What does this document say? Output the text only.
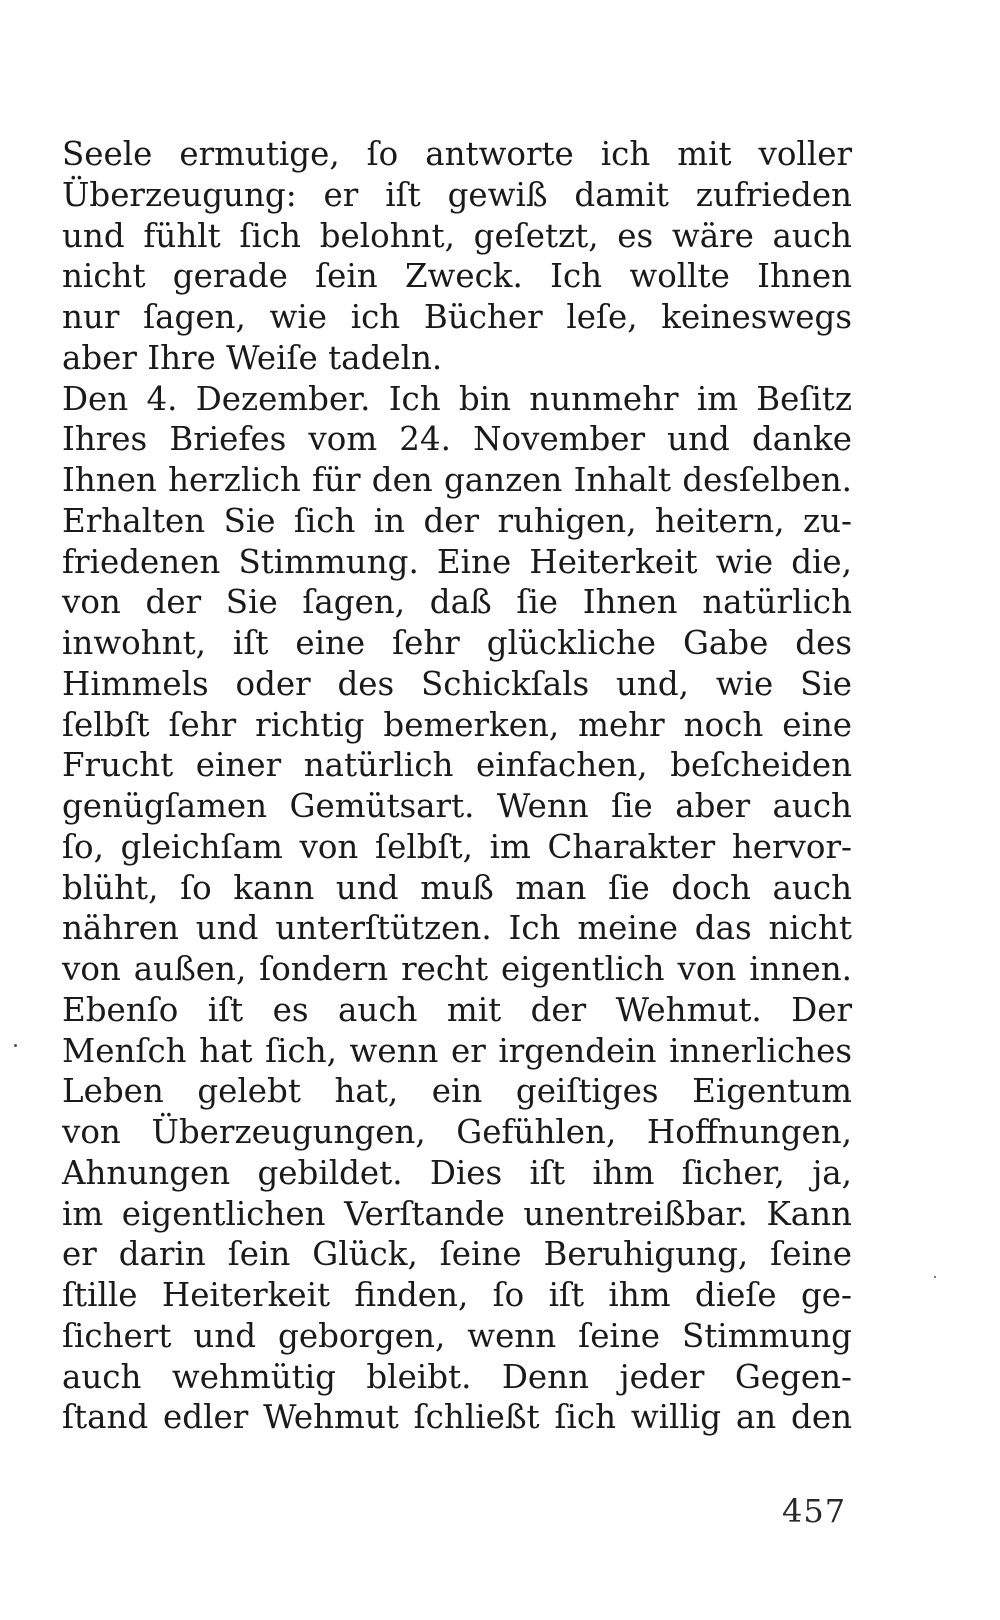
Seele ermutige, ſo antworte ich mit voller
Überzeugung: er iſt gewiß damit zufrieden
und fühlt ſich belohnt, geſetzt, es wäre auch
nicht gerade ſein Zweck. Ich wollte Ihnen
nur ſagen, wie ich Bücher leſe, keineswegs
aber Ihre Weiſe tadeln.
Den 4. Dezember. Ich bin nunmehr im Beſitz
Ihres Briefes vom 24. November und danke
Ihnen herzlich für den ganzen Inhalt desſelben.
Erhalten Sie ſich in der ruhigen, heitern, zu-
friedenen Stimmung. Eine Heiterkeit wie die,
von der Sie ſagen, daß ſie Ihnen natürlich
inwohnt, iſt eine ſehr glückliche Gabe des
Himmels oder des Schickſals und, wie Sie
ſelbſt ſehr richtig bemerken, mehr noch eine
Frucht einer natürlich einfachen, beſcheiden
genügſamen Gemütsart. Wenn ſie aber auch
ſo, gleichſam von ſelbſt, im Charakter hervor-
blüht, ſo kann und muß man ſie doch auch
nähren und unterſtützen. Ich meine das nicht
von außen, ſondern recht eigentlich von innen.
Ebenſo iſt es auch mit der Wehmut. Der
Menſch hat ſich, wenn er irgendein innerliches
Leben gelebt hat, ein geiſtiges Eigentum
von Überzeugungen, Gefühlen, Hoffnungen,
Ahnungen gebildet. Dies iſt ihm ſicher, ja,
im eigentlichen Verſtande unentreißbar. Kann
er darin ſein Glück, ſeine Beruhigung, ſeine
ſtille Heiterkeit finden, ſo iſt ihm dieſe ge-
ſichert und geborgen, wenn ſeine Stimmung
auch wehmütig bleibt. Denn jeder Gegen-
ſtand edler Wehmut ſchließt ſich willig an den
457
